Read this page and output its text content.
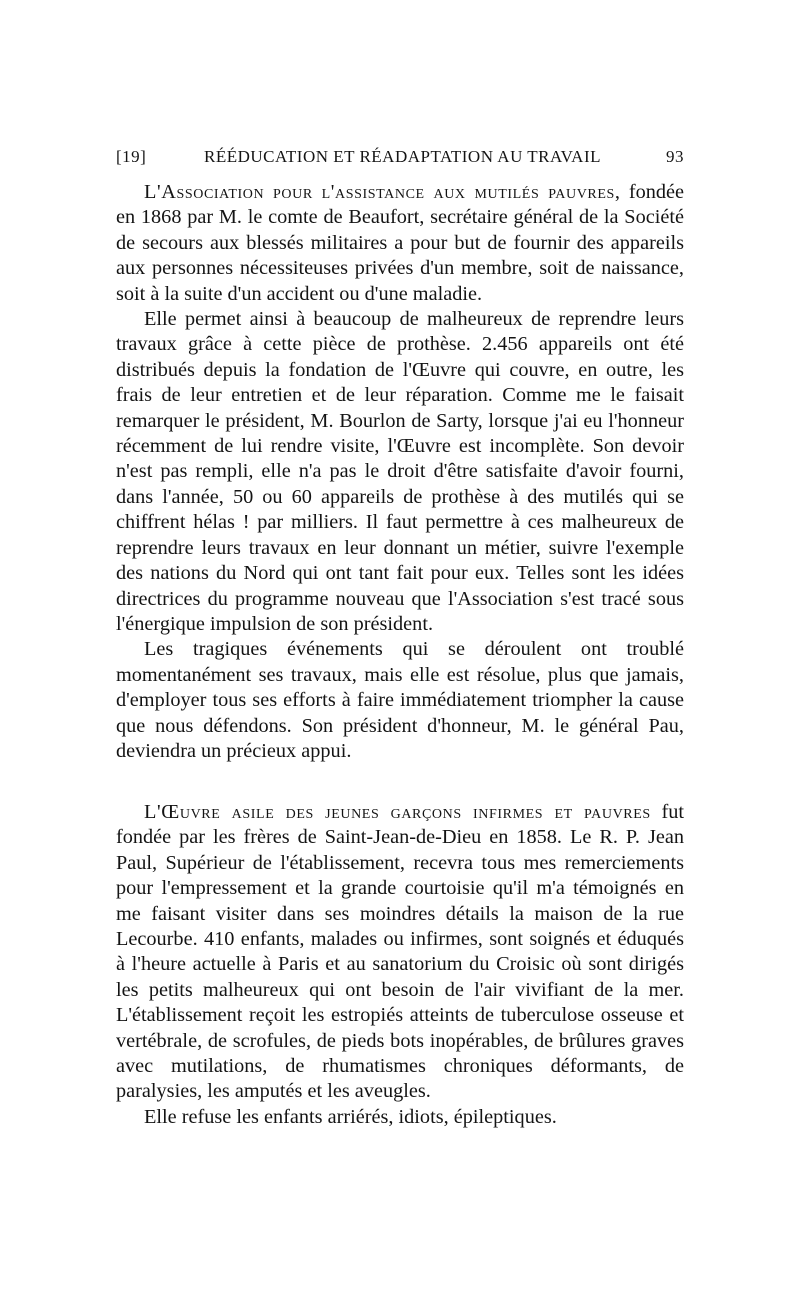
[19]	RÉÉDUCATION ET RÉADAPTATION AU TRAVAIL	93

L'Association pour l'assistance aux mutilés pauvres, fondée en 1868 par M. le comte de Beaufort, secrétaire général de la Société de secours aux blessés militaires a pour but de fournir des appareils aux personnes nécessiteuses privées d'un membre, soit de naissance, soit à la suite d'un accident ou d'une maladie.

Elle permet ainsi à beaucoup de malheureux de reprendre leurs travaux grâce à cette pièce de prothèse. 2.456 appareils ont été distribués depuis la fondation de l'Œuvre qui couvre, en outre, les frais de leur entretien et de leur réparation. Comme me le faisait remarquer le président, M. Bourlon de Sarty, lorsque j'ai eu l'honneur récemment de lui rendre visite, l'Œuvre est incomplète. Son devoir n'est pas rempli, elle n'a pas le droit d'être satisfaite d'avoir fourni, dans l'année, 50 ou 60 appareils de prothèse à des mutilés qui se chiffrent hélas ! par milliers. Il faut permettre à ces malheureux de reprendre leurs travaux en leur donnant un métier, suivre l'exemple des nations du Nord qui ont tant fait pour eux. Telles sont les idées directrices du programme nouveau que l'Association s'est tracé sous l'énergique impulsion de son président.

Les tragiques événements qui se déroulent ont troublé momentanément ses travaux, mais elle est résolue, plus que jamais, d'employer tous ses efforts à faire immédiatement triompher la cause que nous défendons. Son président d'honneur, M. le général Pau, deviendra un précieux appui.

L'Œuvre asile des jeunes garçons infirmes et pauvres fut fondée par les frères de Saint-Jean-de-Dieu en 1858. Le R. P. Jean Paul, Supérieur de l'établissement, recevra tous mes remerciements pour l'empressement et la grande courtoisie qu'il m'a témoignés en me faisant visiter dans ses moindres détails la maison de la rue Lecourbe. 410 enfants, malades ou infirmes, sont soignés et éduqués à l'heure actuelle à Paris et au sanatorium du Croisic où sont dirigés les petits malheureux qui ont besoin de l'air vivifiant de la mer. L'établissement reçoit les estropiés atteints de tuberculose osseuse et vertébrale, de scrofules, de pieds bots inopérables, de brûlures graves avec mutilations, de rhumatismes chroniques déformants, de paralysies, les amputés et les aveugles.

Elle refuse les enfants arriérés, idiots, épileptiques.
